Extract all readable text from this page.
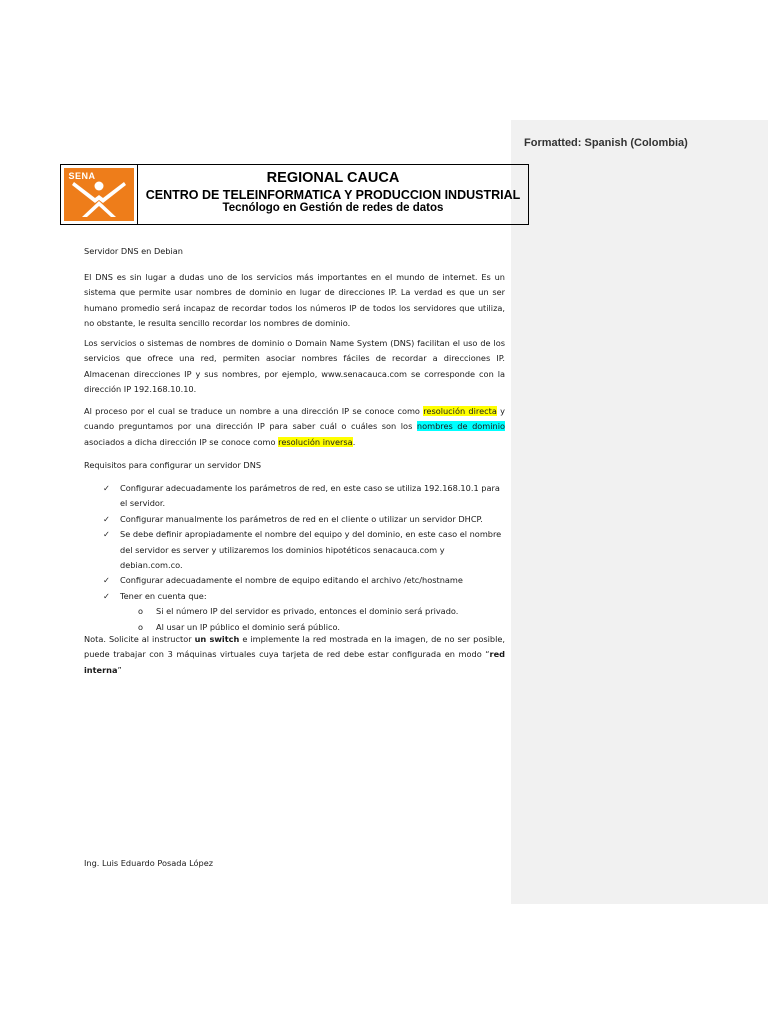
Formatted: Spanish (Colombia)
SENA	REGIONAL CAUCA
CENTRO DE TELEINFORMATICA Y PRODUCCION INDUSTRIAL
Tecnólogo en Gestión de redes de datos
Servidor DNS en Debian
El DNS es sin lugar a dudas uno de los servicios más importantes en el mundo de internet. Es un sistema que permite usar nombres de dominio en lugar de direcciones IP. La verdad es que un ser humano promedio será incapaz de recordar todos los números IP de todos los servidores que utiliza, no obstante, le resulta sencillo recordar los nombres de dominio.
Los servicios o sistemas de nombres de dominio o Domain Name System (DNS) facilitan el uso de los servicios que ofrece una red, permiten asociar nombres fáciles de recordar a direcciones IP. Almacenan direcciones IP y sus nombres, por ejemplo, www.senacauca.com se corresponde con la dirección IP 192.168.10.10.
Al proceso por el cual se traduce un nombre a una dirección IP se conoce como resolución directa y cuando preguntamos por una dirección IP para saber cuál o cuáles son los nombres de dominio asociados a dicha dirección IP se conoce como resolución inversa.
Requisitos para configurar un servidor DNS
✓ Configurar adecuadamente los parámetros de red, en este caso se utiliza 192.168.10.1 para el servidor.
✓ Configurar manualmente los parámetros de red en el cliente o utilizar un servidor DHCP.
✓ Se debe definir apropiadamente el nombre del equipo y del dominio, en este caso el nombre del servidor es server y utilizaremos los dominios hipotéticos senacauca.com y debian.com.co.
✓ Configurar adecuadamente el nombre de equipo editando el archivo /etc/hostname
✓ Tener en cuenta que:
o Si el número IP del servidor es privado, entonces el dominio será privado.
o Al usar un IP público el dominio será público.
Nota. Solicite al instructor un switch e implemente la red mostrada en la imagen, de no ser posible, puede trabajar con 3 máquinas virtuales cuya tarjeta de red debe estar configurada en modo “red interna”
Ing. Luis Eduardo Posada López
